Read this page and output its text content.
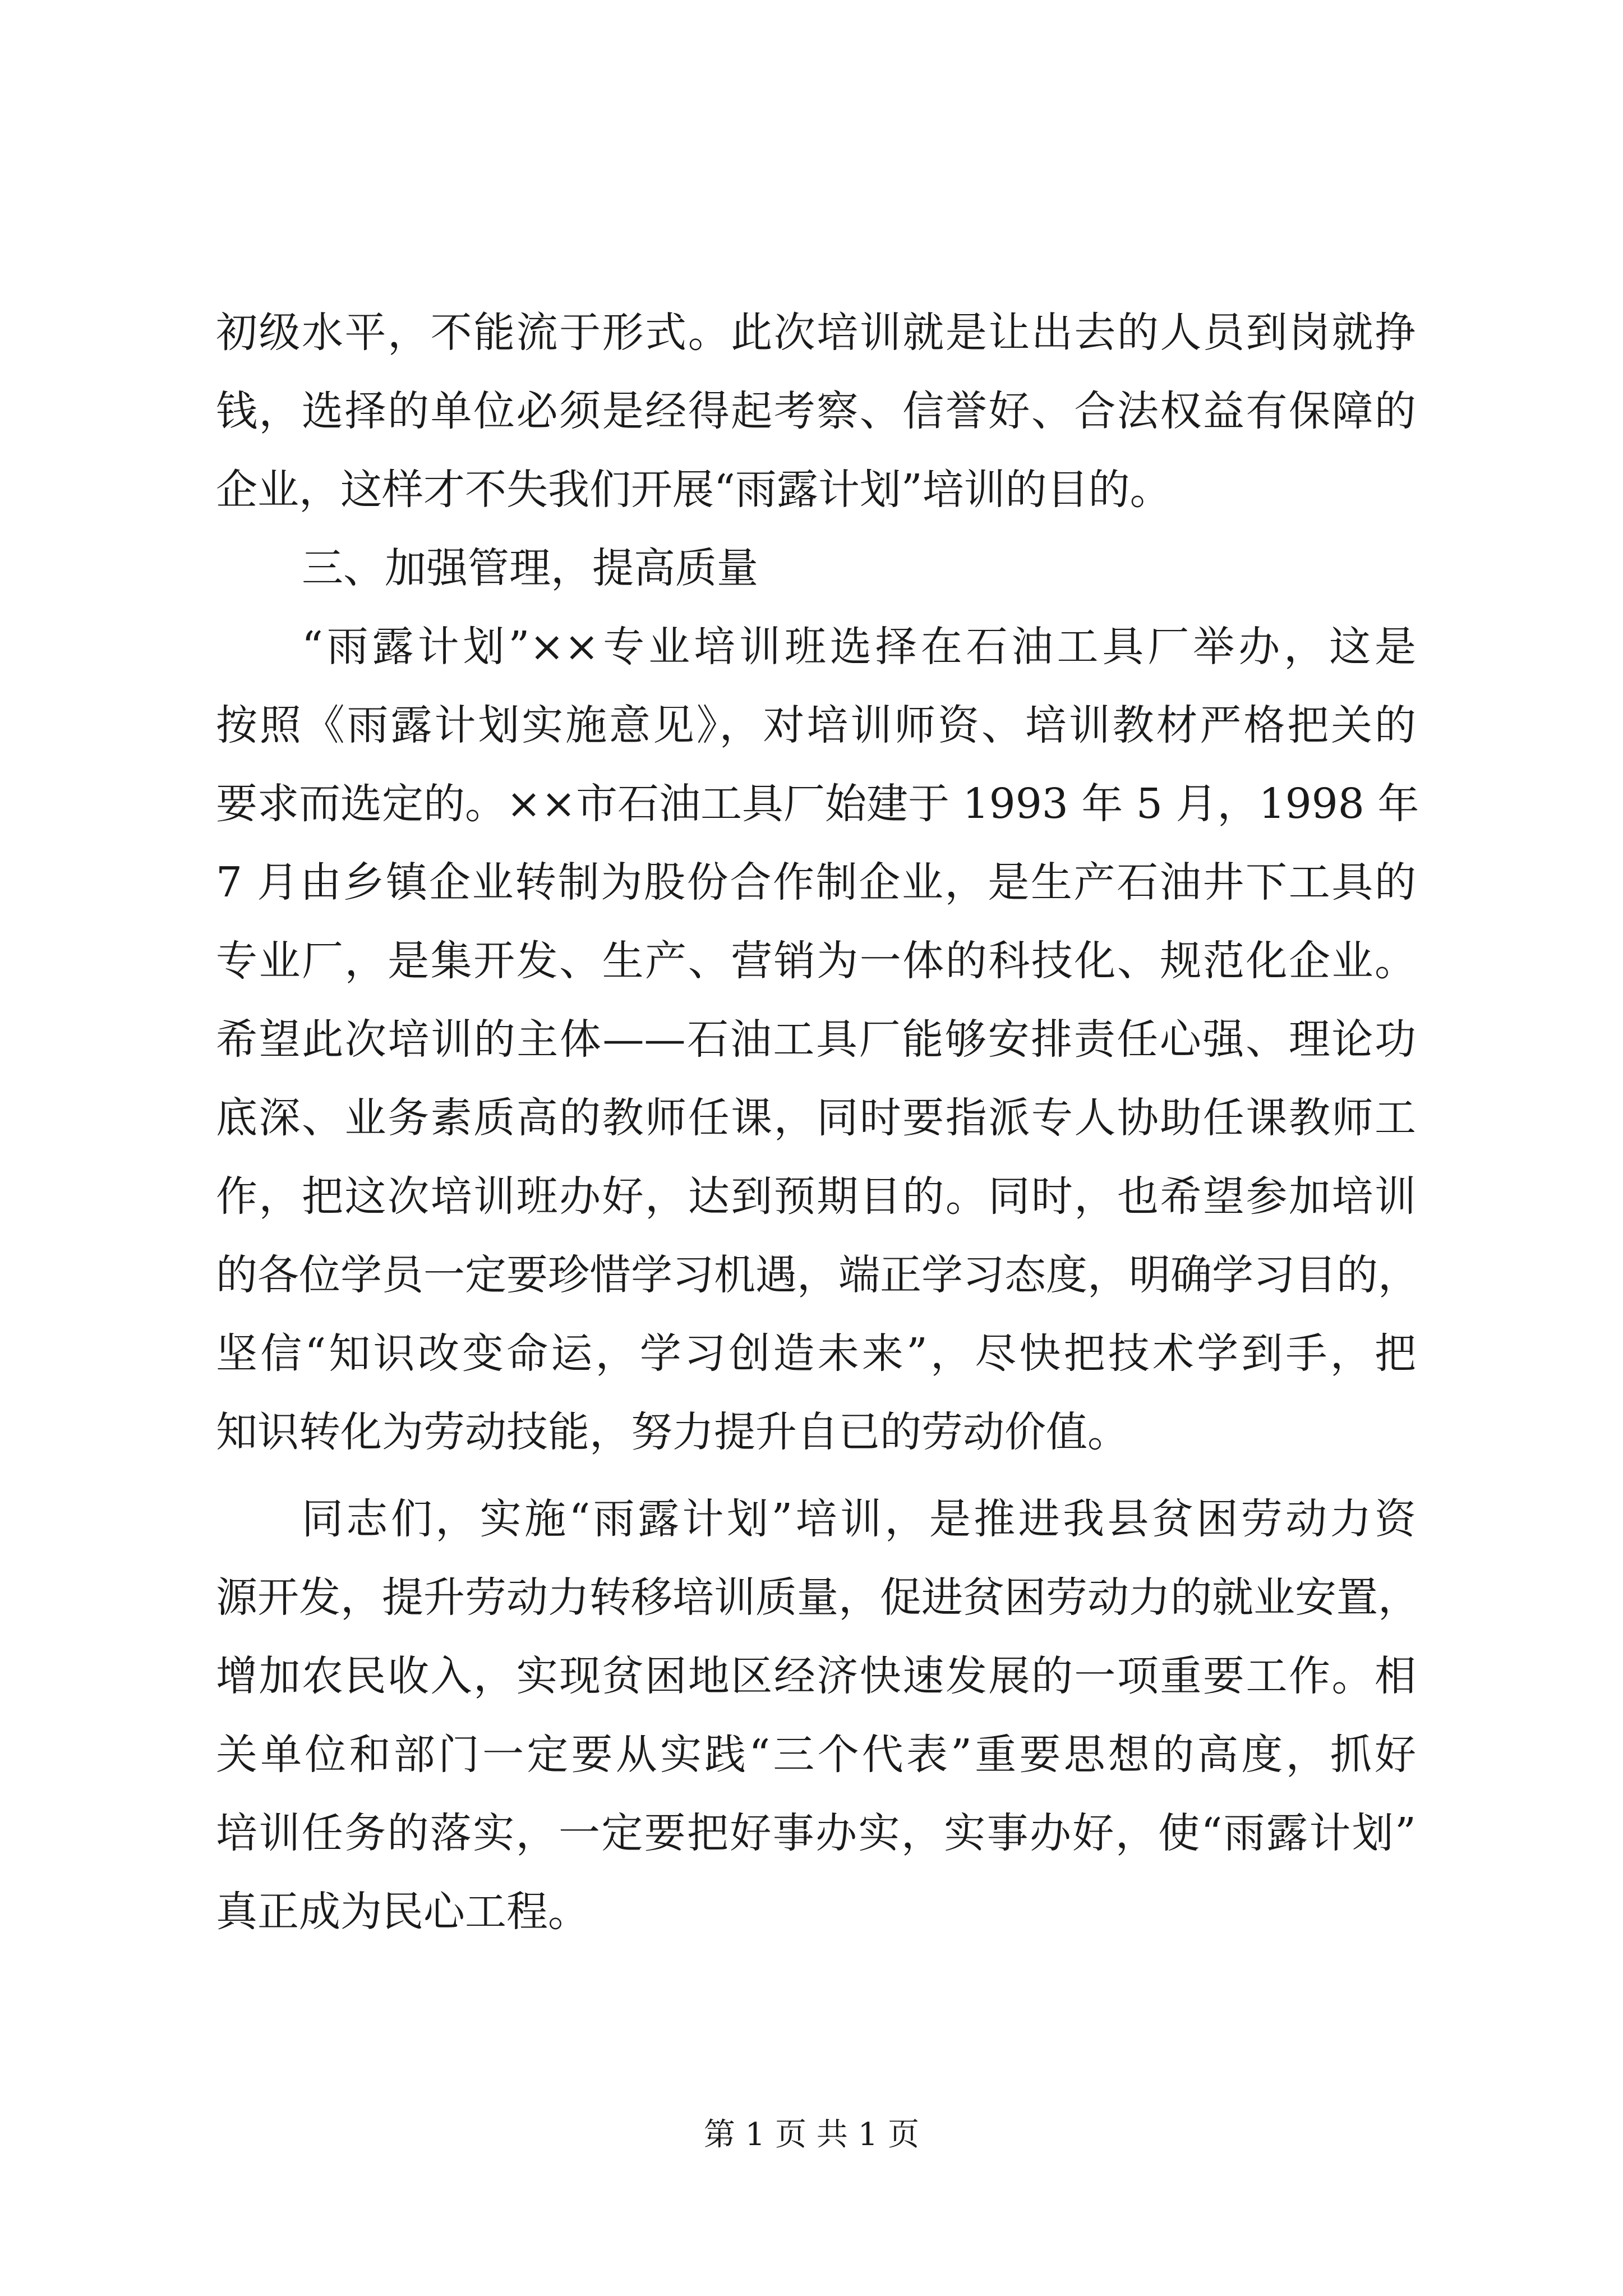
初级水平，不能流于形式。此次培训就是让出去的人员到岗就挣
钱，选择的单位必须是经得起考察、信誉好、合法权益有保障的
企业，这样才不失我们开展“雨露计划”培训的目的。
三、加强管理，提高质量
“雨露计划”××专业培训班选择在石油工具厂举办，这是
按照《雨露计划实施意见》，对培训师资、培训教材严格把关的
要求而选定的。××市石油工具厂始建于 1993 年 5 月，1998 年
7 月由乡镇企业转制为股份合作制企业，是生产石油井下工具的
专业厂，是集开发、生产、营销为一体的科技化、规范化企业。
希望此次培训的主体——石油工具厂能够安排责任心强、理论功
底深、业务素质高的教师任课，同时要指派专人协助任课教师工
作，把这次培训班办好，达到预期目的。同时，也希望参加培训
的各位学员一定要珍惜学习机遇，端正学习态度，明确学习目的，
坚信“知识改变命运，学习创造未来”，尽快把技术学到手，把
知识转化为劳动技能，努力提升自已的劳动价值。
同志们，实施“雨露计划”培训，是推进我县贫困劳动力资
源开发，提升劳动力转移培训质量，促进贫困劳动力的就业安置，
增加农民收入，实现贫困地区经济快速发展的一项重要工作。相
关单位和部门一定要从实践“三个代表”重要思想的高度，抓好
培训任务的落实，一定要把好事办实，实事办好，使“雨露计划”
真正成为民心工程。
第 1 页 共 1 页
